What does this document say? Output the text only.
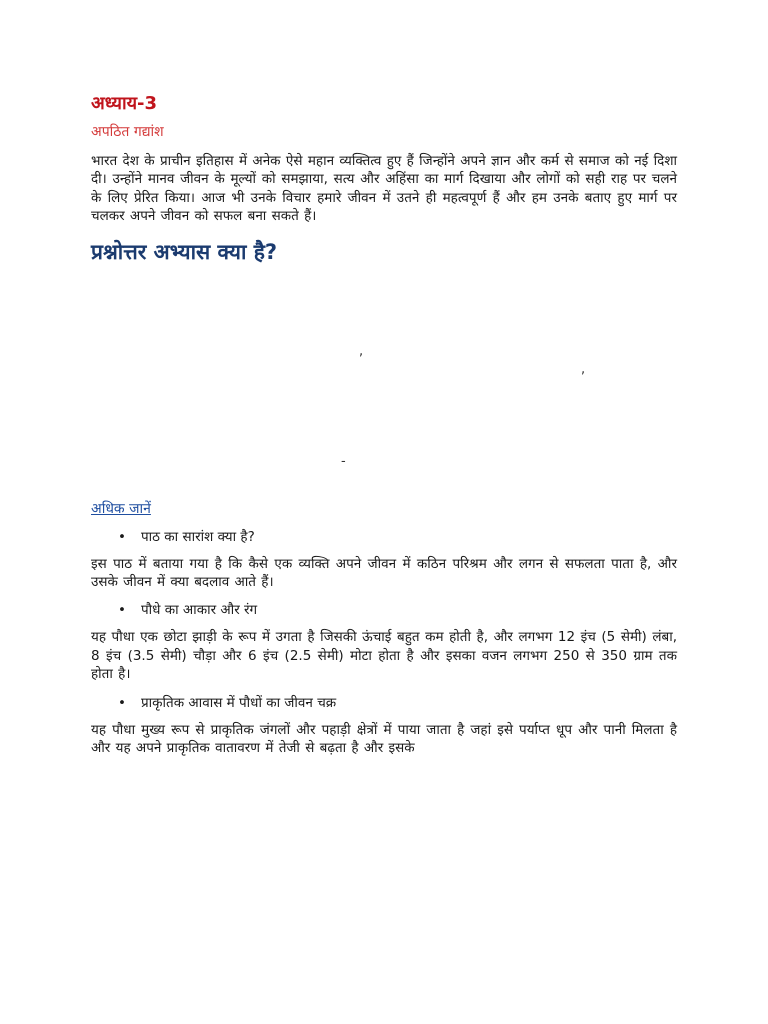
अध्याय-3
अपठित गद्यांश

भारत देश के प्राचीन इतिहास में अनेक ऐसे महान व्यक्तित्व हुए हैं जिन्होंने अपने ज्ञान और कर्म से समाज को नई दिशा दी। उन्होंने मानव जीवन के मूल्यों को समझाया, सत्य और अहिंसा का मार्ग दिखाया और लोगों को सही राह पर चलने के लिए प्रेरित किया। आज भी उनके विचार हमारे जीवन में उतने ही महत्वपूर्ण हैं और हम उनके बताए हुए मार्ग पर चलकर अपने जीवन को सफल बना सकते हैं।

प्रश्नोत्तर अभ्यास क्या है?
,
,
-
अधिक जानें
• पाठ का सारांश क्या है?

इस पाठ में बताया गया है कि कैसे एक व्यक्ति अपने जीवन में कठिन परिश्रम और लगन से सफलता पाता है, और उसके जीवन में क्या बदलाव आते हैं।

• पौधे का आकार और रंग

यह पौधा एक छोटा झाड़ी के रूप में उगता है जिसकी ऊंचाई बहुत कम होती है, और लगभग 12 इंच (5 सेमी) लंबा, 8 इंच (3.5 सेमी) चौड़ा और 6 इंच (2.5 सेमी) मोटा होता है और इसका वजन लगभग 250 से 350 ग्राम तक होता है।

• प्राकृतिक आवास में पौधों का जीवन चक्र

यह पौधा मुख्य रूप से प्राकृतिक जंगलों और पहाड़ी क्षेत्रों में पाया जाता है जहां इसे पर्याप्त धूप और पानी मिलता है और यह अपने प्राकृतिक वातावरण में तेजी से बढ़ता है और इसके
